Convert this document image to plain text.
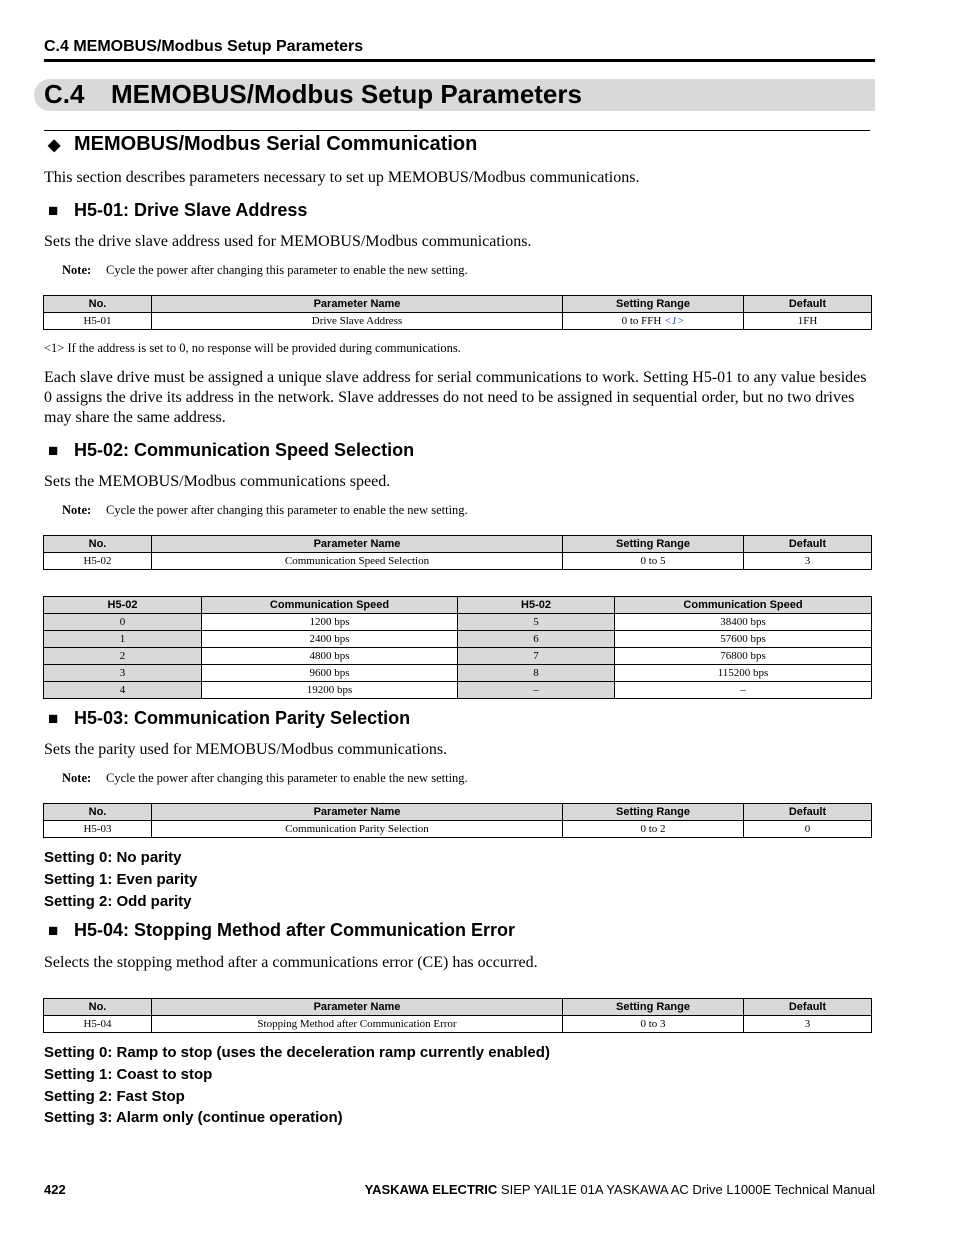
C.4 MEMOBUS/Modbus Setup Parameters
C.4 MEMOBUS/Modbus Setup Parameters
◆ MEMOBUS/Modbus Serial Communication
This section describes parameters necessary to set up MEMOBUS/Modbus communications.
■ H5-01: Drive Slave Address
Sets the drive slave address used for MEMOBUS/Modbus communications.
Note: Cycle the power after changing this parameter to enable the new setting.
No.	Parameter Name	Setting Range	Default
H5-01	Drive Slave Address	0 to FFH <1>	1FH
<1> If the address is set to 0, no response will be provided during communications.
Each slave drive must be assigned a unique slave address for serial communications to work. Setting H5-01 to any value besides 0 assigns the drive its address in the network. Slave addresses do not need to be assigned in sequential order, but no two drives may share the same address.
■ H5-02: Communication Speed Selection
Sets the MEMOBUS/Modbus communications speed.
Note: Cycle the power after changing this parameter to enable the new setting.
No.	Parameter Name	Setting Range	Default
H5-02	Communication Speed Selection	0 to 5	3
H5-02	Communication Speed	H5-02	Communication Speed
0	1200 bps	5	38400 bps
1	2400 bps	6	57600 bps
2	4800 bps	7	76800 bps
3	9600 bps	8	115200 bps
4	19200 bps	–	–
■ H5-03: Communication Parity Selection
Sets the parity used for MEMOBUS/Modbus communications.
Note: Cycle the power after changing this parameter to enable the new setting.
No.	Parameter Name	Setting Range	Default
H5-03	Communication Parity Selection	0 to 2	0
Setting 0: No parity
Setting 1: Even parity
Setting 2: Odd parity
■ H5-04: Stopping Method after Communication Error
Selects the stopping method after a communications error (CE) has occurred.
No.	Parameter Name	Setting Range	Default
H5-04	Stopping Method after Communication Error	0 to 3	3
Setting 0: Ramp to stop (uses the deceleration ramp currently enabled)
Setting 1: Coast to stop
Setting 2: Fast Stop
Setting 3: Alarm only (continue operation)
422	YASKAWA ELECTRIC SIEP YAIL1E 01A YASKAWA AC Drive L1000E Technical Manual
